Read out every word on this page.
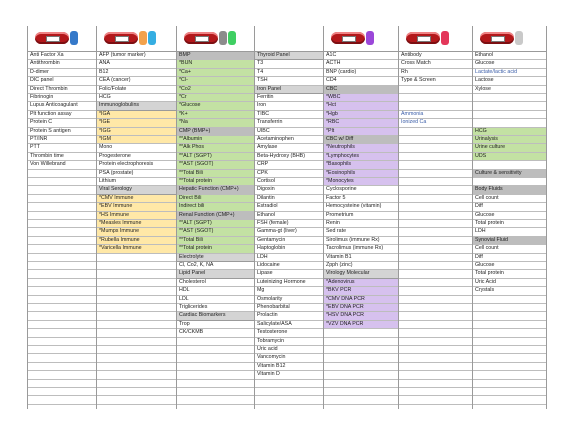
Anti Factor Xa
Antithrombin
D-dimer
DIC panel
Direct Thrombin
Fibrinogin
Lupus Anticoagulant
Plt function assay
Protein C
Protein S antigen
PT/INR
PTT
Thrombin time
Von Willebrand
AFP (tumor marker)
ANA
B12
CEA (cancer)
Folic/Folate
HCG
Immunoglobulins
*IGA
*IGE
*IGG
*IGM
Mono
Progesterone
Protein electrophoresis
PSA (prostate)
Lithium
Viral Serology
*CMV Immune
*EBV Immune
*HS Immune
*Measles Immune
*Mumps Immune
*Rubella Immune
*Varicella Immune
BMP
*BUN
*Ca+
*Cl-
*Co2
*Cr
*Glucose
*K+
*Na
CMP (BMP+)
**Albumin
**Alk Phos
**ALT (SGPT)
**AST (SGOT)
**Total Bili
**Total protein
Hepatic Function (CMP+)
Direct Bili
Indirect bili
Renal Function (CMP+)
**ALT (SGPT)
**AST (SGOT)
**Total Bili
**Total protein
Electrolyte
Cl, Co2, K, NA
Lipid Panel
Cholesterol
HDL
LDL
Triglicerides
Cardiac Biomarkers
Trop
CK/CKMB
Thyroid Panel
T3
T4
TSH
Iron Panel
Ferritin
Iron
TIBC
Transferrin
UIBC
Acetaminophen
Amylase
Beta-Hydroxy (BHB)
CRP
CPK
Cortisol
Digoxin
Dilantin
Estradiol
Ethanol
FSH (female)
Gamma-gt (liver)
Gentamycin
Haptoglobin
LDH
Lidocaine
Lipase
Luteinizing Hormone
Mg
Osmolarity
Phenobarbital
Prolactin
Salicylate/ASA
Testosterone
Tobramycin
Uric acid
Vancomycin
Vitamin B12
Vitamin D
A1C
ACTH
BNP (cardio)
CD4
CBC
*WBC
*Hct
*Hgb
*RBC
*Plt
CBC w/ Diff
*Neutrophils
*Lymphocytes
*Basophils
*Eosinophils
*Monocytes
Cyclosporine
Factor 5
Hemocysteine (vitamin)
Prometrium
Renin
Sed rate
Sirolimus (immune Rx)
Tacrolimus (immune Rx)
Vitamin B1
Zpph (zinc)
Virology Molecular
*Adenovirus
*BKV PCR
*CMV DNA PCR
*EBV DNA PCR
*HSV DNA PCR
*VZV DNA PCR
Antibody
Cross Match
Rh
Type & Screen
Ammonia
Ionized Ca
Ethanol
Glucose
Lactate/lactic acid
Lactose
Xylose
HCG
Urinalysis
Urine culture
UDS
Culture & sensitivity
Body Fluids
Cell count
Diff
Glucose
Total protein
LDH
Synovial Fluid
Cell count
Diff
Glucose
Total protein
Uric Acid
Crystals
